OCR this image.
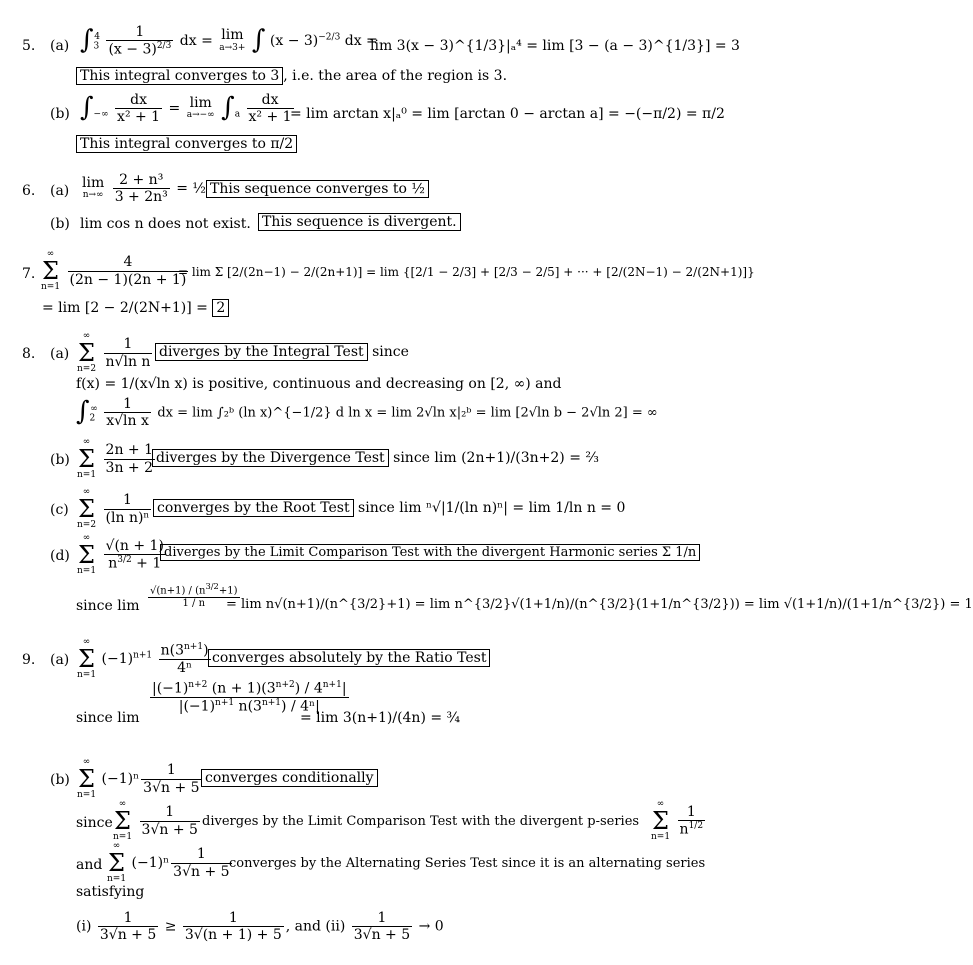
5. (a) $\int_3^4 \frac{1}{(x - 3)^{2/3}}$ dx = lim
a→3+ ∫ $(x - 3)^{-2/3}$ dx =
lim 3(x − 3)^{1/3}|ₐ⁴ = lim [3 − (a − 3)^{1/3}] = 3
This integral converges to 3 , i.e. the area of the region is 3.
(b) $\int_{-\infty} \frac{dx}{\text{x² + 1}} = \lim$
a→−∞ $\int_a \frac{dx}{\text{x² + 1}}$
= lim arctan x|ₐ⁰ = lim [arctan 0 − arctan a] = −(−π/2) = π/2
This integral converges to π/2
6. (a)
lim
n→∞
$\frac{\text{2 + n³}}{\text{3 + 2n³}}$ = ½ This sequence converges to ½
(b) lim cos n does not exist. This sequence is divergent.
7.
∞
Σ
n=1
$\frac{4}{(2n - 1)(2n + 1)}$
= lim Σ [2/(2n−1) − 2/(2n+1)] = lim {[2/1 − 2/3] + [2/3 − 2/5] + ··· + [2/(2N−1) − 2/(2N+1)]}
= lim [2 − 2/(2N+1)] = 2
8. (a)
∞
Σ
n=2
$\frac{1}{\text{n√ln n}}$ diverges by the Integral Test since
f(x) = 1/(x√ln x) is positive, continuous and decreasing on [2, ∞) and
$\int_2^\infty \frac{1}{\text{x√ln x}}$ dx = lim ∫₂ᵇ (ln x)^{−1/2} d ln x = lim 2√ln x|₂ᵇ = lim [2√ln b − 2√ln 2] = ∞
(b)
∞
Σ
n=1
$\frac{2n + 1}{3n + 2}$ diverges by the Divergence Test since lim (2n+1)/(3n+2) = ⅔
(c)
∞
Σ
n=2
$\frac{1}{\text{(ln n)ⁿ}}$ converges by the Root Test since lim ⁿ√|1/(ln n)ⁿ| = lim 1/ln n = 0
(d)
∞
Σ
n=1
$\frac{√(n + 1)}{n^{3/2} + 1}$
diverges by the Limit Comparison Test with the divergent Harmonic series Σ 1/n
since $\lim \frac{√(n+1) / (n^{3/2}+1)}{1 / n}$
= lim n√(n+1)/(n^{3/2}+1) = lim n^{3/2}√(1+1/n)/(n^{3/2}(1+1/n^{3/2})) = lim √(1+1/n)/(1+1/n^{3/2}) = 1
9. (a)
∞
Σ
n=1
$(-1)^{n+1} \frac{n(3^{n+1})}{\text{4ⁿ}}$ converges absolutely by the Ratio Test
since lim
$\frac{|(-1)^{n+2} (n + 1)(3^{n+2}) / 4^{n+1}|}{|(-1)^{n+1} n(3^{n+1}) / 4^n|}$
= lim 3(n+1)/(4n) = ¾
(b)
∞
Σ
n=1
$(-1)^n \frac{1}{3√n + 5}$ converges conditionally
since
∞
Σ
n=1
$\frac{1}{3√n + 5}$ diverges by the Limit Comparison Test with the divergent p-series
∞
Σ
n=1
$\frac{1}{n^{1/2}}$
and
∞
Σ
n=1
$(-1)^n \frac{1}{3√n + 5}$
converges by the Alternating Series Test since it is an alternating series
satisfying
$(i) \frac{1}{3√n + 5} \ge \frac{1}{3√(n + 1) + 5}$ , and $(ii) \frac{1}{3√n + 5} \to 0$
